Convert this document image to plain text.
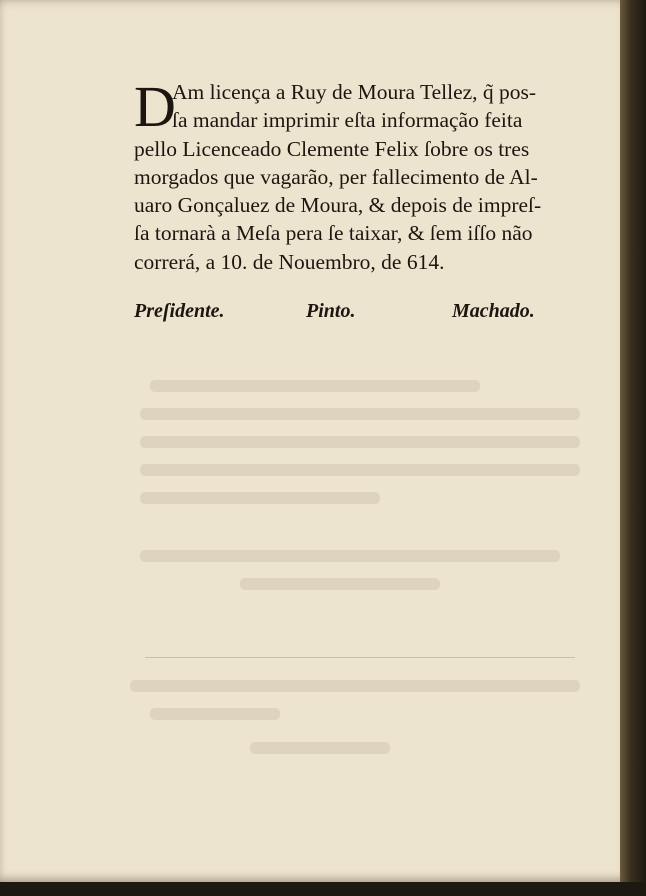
D
Am licença a Ruy de Moura Tellez, q̃ pos-
ſa mandar imprimir eſta informação feita
pello Licenceado Clemente Felix ſobre os tres
morgados que vagarão, per fallecimento de Al-
uaro Gonçaluez de Moura, & depois de impreſ-
ſa tornarà a Meſa pera ſe taixar, & ſem iſſo não
correrá, a 10. de Nouembro, de 614.
Preſidente.	Pinto.	Machado.
